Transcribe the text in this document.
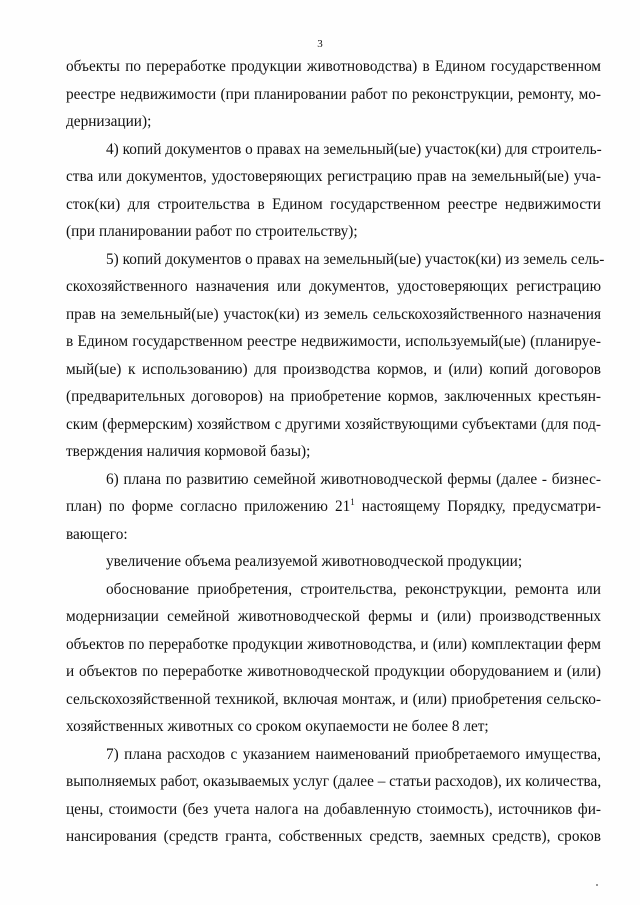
3
объекты по переработке продукции животноводства) в Едином государственном
реестре недвижимости (при планировании работ по реконструкции, ремонту, мо-
дернизации);
4) копий документов о правах на земельный(ые) участок(ки) для строитель-
ства или документов, удостоверяющих регистрацию прав на земельный(ые) уча-
сток(ки) для строительства в Едином государственном реестре недвижимости
(при планировании работ по строительству);
5) копий документов о правах на земельный(ые) участок(ки) из земель сель-
скохозяйственного назначения или документов, удостоверяющих регистрацию
прав на земельный(ые) участок(ки) из земель сельскохозяйственного назначения
в Едином государственном реестре недвижимости, используемый(ые) (планируе-
мый(ые) к использованию) для производства кормов, и (или) копий договоров
(предварительных договоров) на приобретение кормов, заключенных крестьян-
ским (фермерским) хозяйством с другими хозяйствующими субъектами (для под-
тверждения наличия кормовой базы);
6) плана по развитию семейной животноводческой фермы (далее - бизнес-
план) по форме согласно приложению $21^1$ настоящему Порядку, предусматри-
вающего:
увеличение объема реализуемой животноводческой продукции;
обоснование приобретения, строительства, реконструкции, ремонта или
модернизации семейной животноводческой фермы и (или) производственных
объектов по переработке продукции животноводства, и (или) комплектации ферм
и объектов по переработке животноводческой продукции оборудованием и (или)
сельскохозяйственной техникой, включая монтаж, и (или) приобретения сельско-
хозяйственных животных со сроком окупаемости не более 8 лет;
7) плана расходов с указанием наименований приобретаемого имущества,
выполняемых работ, оказываемых услуг (далее – статьи расходов), их количества,
цены, стоимости (без учета налога на добавленную стоимость), источников фи-
нансирования (средств гранта, собственных средств, заемных средств), сроков
